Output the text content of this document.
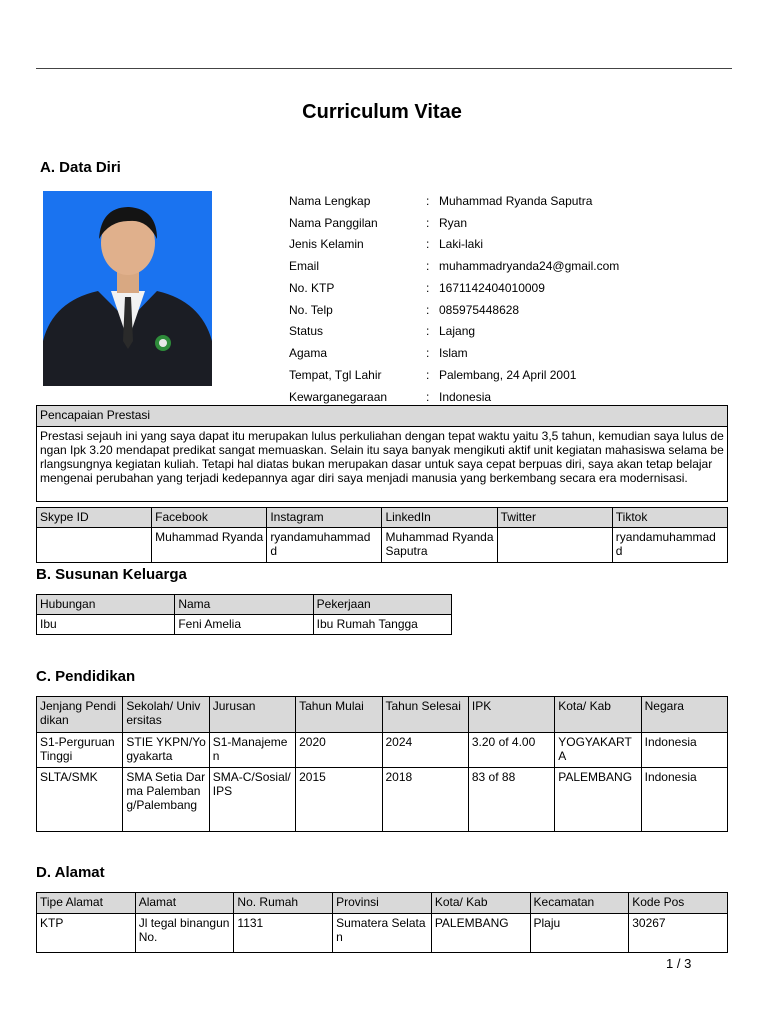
Curriculum Vitae
A. Data Diri
Nama Lengkap	: Muhammad Ryanda Saputra
Nama Panggilan	: Ryan
Jenis Kelamin	: Laki-laki
Email	: muhammadryanda24@gmail.com
No. KTP	: 1671142404010009
No. Telp	: 085975448628
Status	: Lajang
Agama	: Islam
Tempat, Tgl Lahir	: Palembang, 24 April 2001
Kewarganegaraan	: Indonesia
Pencapaian Prestasi
Prestasi sejauh ini yang saya dapat itu merupakan lulus perkuliahan dengan tepat waktu yaitu 3,5 tahun, kemudian saya lulus dengan Ipk 3.20 mendapat predikat sangat memuaskan. Selain itu saya banyak mengikuti aktif unit kegiatan mahasiswa selama berlangsungnya kegiatan kuliah. Tetapi hal diatas bukan merupakan dasar untuk saya cepat berpuas diri, saya akan tetap belajar mengenai perubahan yang terjadi kedepannya agar diri saya menjadi manusia yang berkembang secara era modernisasi.
Skype ID	Facebook	Instagram	LinkedIn	Twitter	Tiktok
	Muhammad Ryanda	ryandamuhammad d	Muhammad Ryanda Saputra		ryandamuhammad d
B. Susunan Keluarga
Hubungan	Nama	Pekerjaan
Ibu	Feni Amelia	Ibu Rumah Tangga
C. Pendidikan
Jenjang Pendidikan	Sekolah/ Universitas	Jurusan	Tahun Mulai	Tahun Selesai	IPK	Kota/ Kab	Negara
S1-Perguruan Tinggi	STIE YKPN/Yogyakarta	S1-Manajemen	2020	2024	3.20 of 4.00	YOGYAKARTA	Indonesia
SLTA/SMK	SMA Setia Darma Palembang/Palembang	SMA-C/Sosial/IPS	2015	2018	83 of 88	PALEMBANG	Indonesia
D. Alamat
Tipe Alamat	Alamat	No. Rumah	Provinsi	Kota/ Kab	Kecamatan	Kode Pos
KTP	Jl tegal binangun No.	1131	Sumatera Selatan	PALEMBANG	Plaju	30267
1 / 3
